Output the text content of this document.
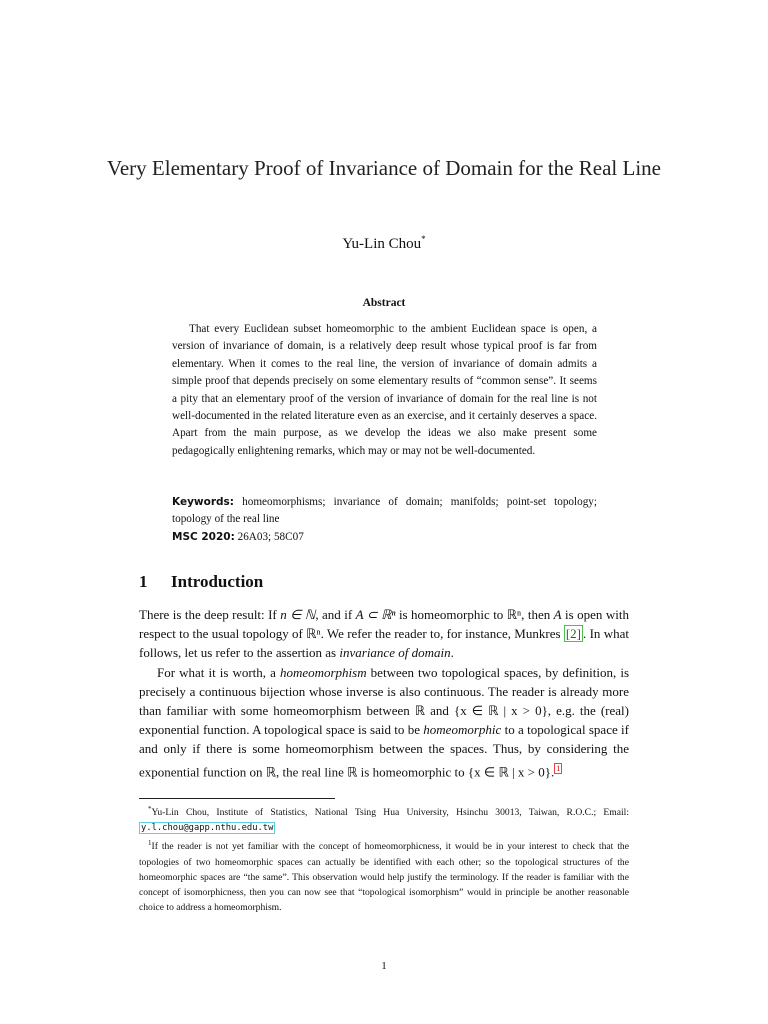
Very Elementary Proof of Invariance of Domain for the Real Line
Yu-Lin Chou*
Abstract
That every Euclidean subset homeomorphic to the ambient Euclidean space is open, a version of invariance of domain, is a relatively deep result whose typical proof is far from elementary. When it comes to the real line, the version of invariance of domain admits a simple proof that depends precisely on some elementary results of “common sense”. It seems a pity that an elementary proof of the version of invariance of domain for the real line is not well-documented in the related literature even as an exercise, and it certainly deserves a space. Apart from the main purpose, as we develop the ideas we also make present some pedagogically enlightening remarks, which may or may not be well-documented.
Keywords: homeomorphisms; invariance of domain; manifolds; point-set topology; topology of the real line
MSC 2020: 26A03; 58C07
1 Introduction

There is the deep result: If n ∈ ℕ, and if A ⊂ ℝⁿ is homeomorphic to ℝⁿ, then A is open with respect to the usual topology of ℝⁿ. We refer the reader to, for instance, Munkres [2] . In what follows, let us refer to the assertion as invariance of domain.

For what it is worth, a homeomorphism between two topological spaces, by definition, is precisely a continuous bijection whose inverse is also continuous. The reader is already more than familiar with some homeomorphism between ℝ and {x ∈ ℝ | x > 0}, e.g. the (real) exponential function. A topological space is said to be homeomorphic to a topological space if and only if there is some homeomorphism between the spaces. Thus, by considering the exponential function on ℝ, the real line ℝ is homeomorphic to {x ∈ ℝ | x > 0}. $^1$

*Yu-Lin Chou, Institute of Statistics, National Tsing Hua University, Hsinchu 30013, Taiwan, R.O.C.; Email: y.l.chou@gapp.nthu.edu.tw

$^1$If the reader is not yet familiar with the concept of homeomorphicness, it would be in your interest to check that the topologies of two homeomorphic spaces can actually be identified with each other; so the topological structures of the homeomorphic spaces are “the same”. This observation would help justify the terminology. If the reader is familiar with the concept of isomorphicness, then you can now see that “topological isomorphism” would in principle be another reasonable choice to address a homeomorphism.

1
